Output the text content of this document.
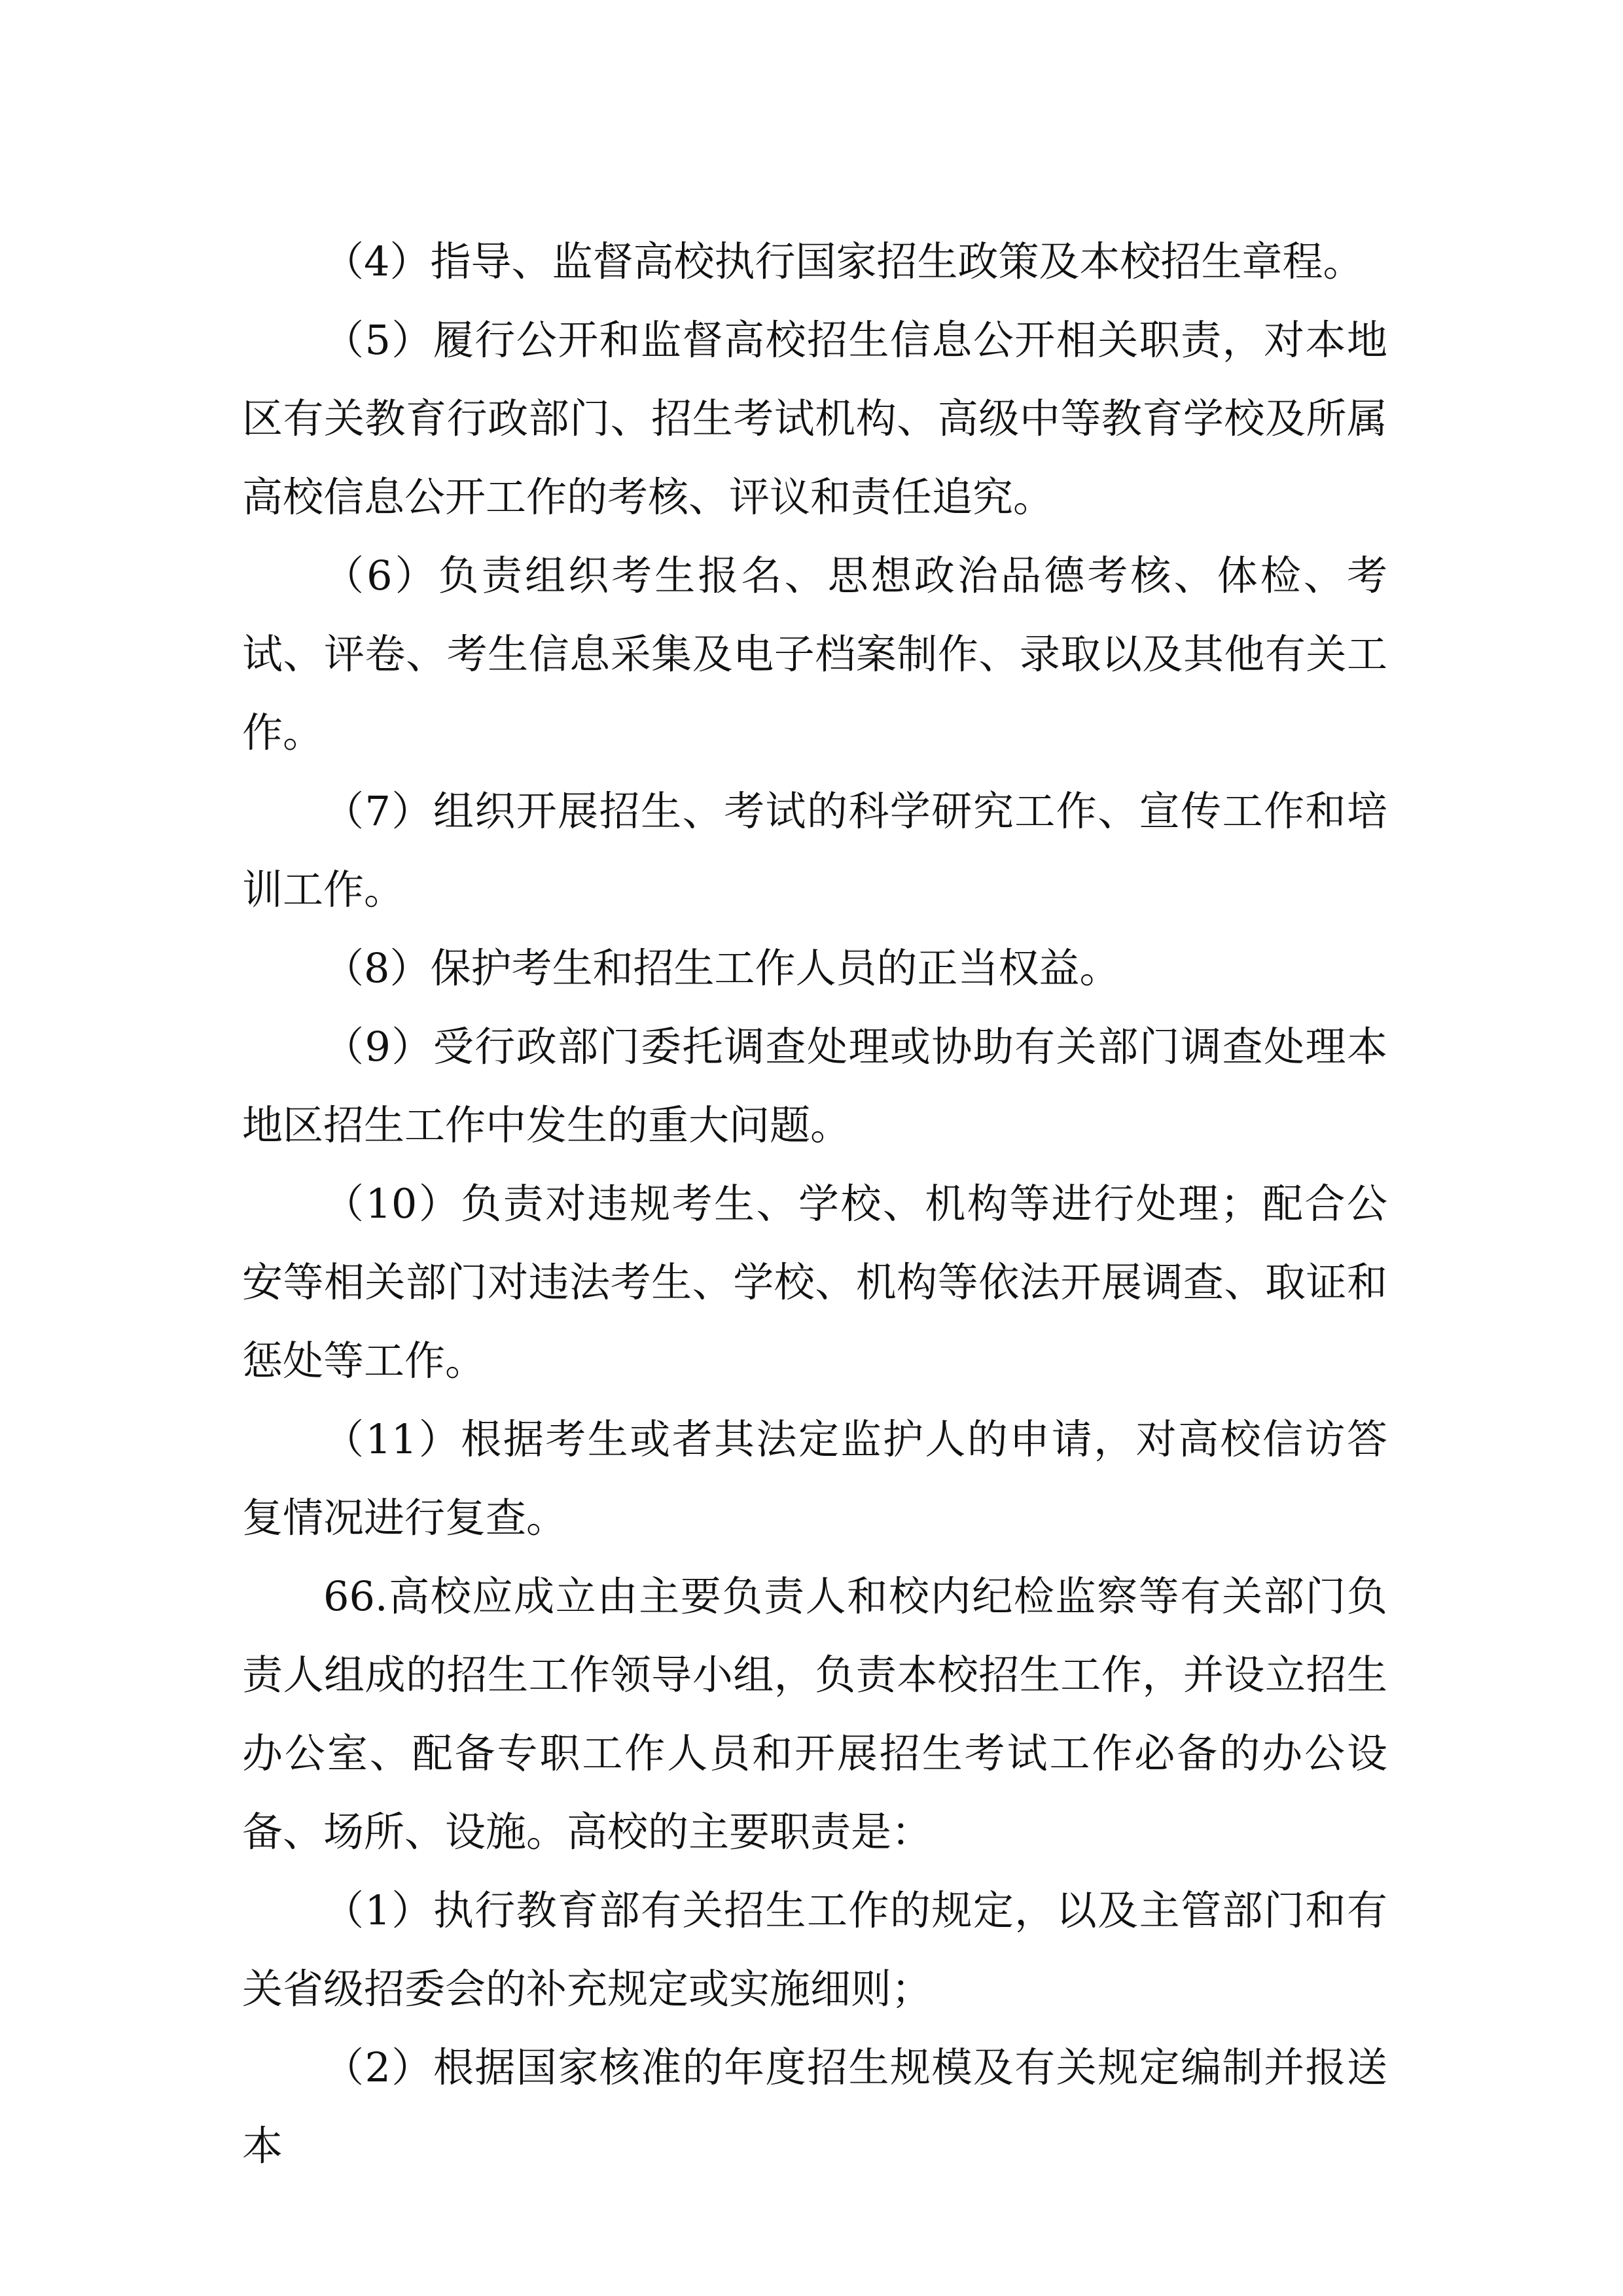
（4）指导、监督高校执行国家招生政策及本校招生章程。

（5）履行公开和监督高校招生信息公开相关职责，对本地区有关教育行政部门、招生考试机构、高级中等教育学校及所属高校信息公开工作的考核、评议和责任追究。

（6）负责组织考生报名、思想政治品德考核、体检、考试、评卷、考生信息采集及电子档案制作、录取以及其他有关工作。

（7）组织开展招生、考试的科学研究工作、宣传工作和培训工作。

（8）保护考生和招生工作人员的正当权益。

（9）受行政部门委托调查处理或协助有关部门调查处理本地区招生工作中发生的重大问题。

（10）负责对违规考生、学校、机构等进行处理；配合公安等相关部门对违法考生、学校、机构等依法开展调查、取证和惩处等工作。

（11）根据考生或者其法定监护人的申请，对高校信访答复情况进行复查。

66.高校应成立由主要负责人和校内纪检监察等有关部门负责人组成的招生工作领导小组，负责本校招生工作，并设立招生办公室、配备专职工作人员和开展招生考试工作必备的办公设备、场所、设施。高校的主要职责是：

（1）执行教育部有关招生工作的规定，以及主管部门和有关省级招委会的补充规定或实施细则；

（2）根据国家核准的年度招生规模及有关规定编制并报送本
